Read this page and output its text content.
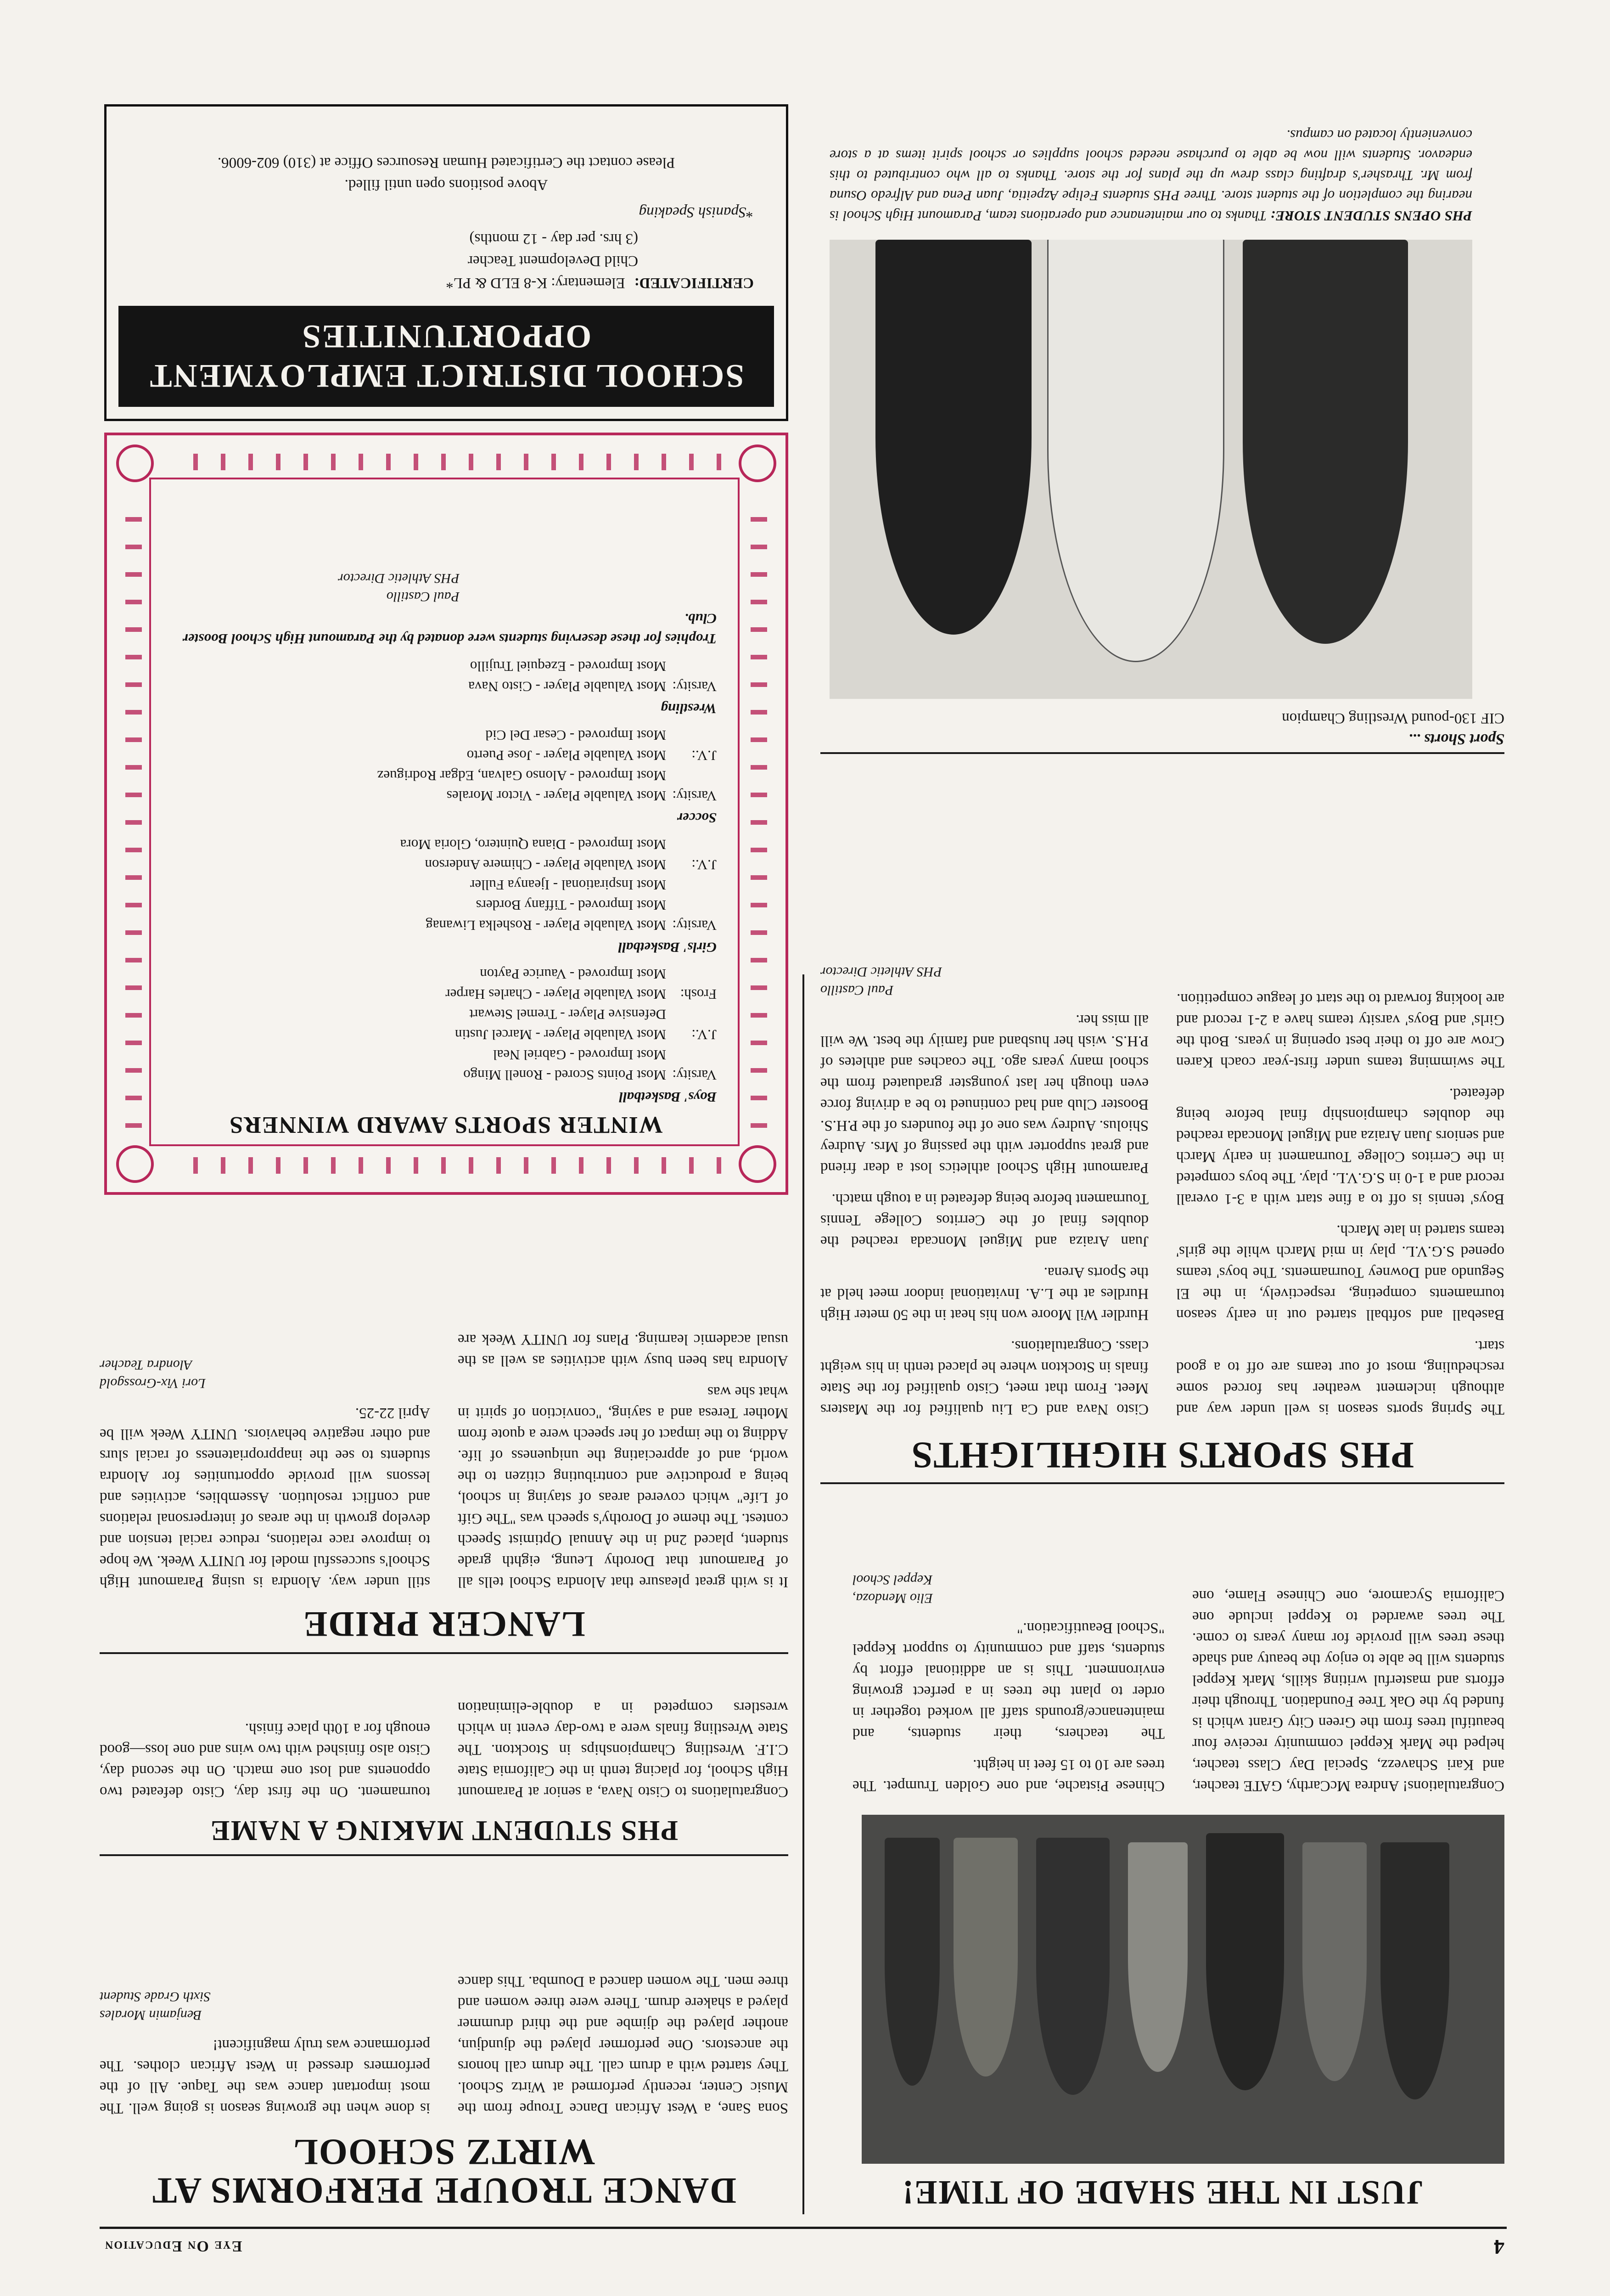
4
Eye On Education
JUST IN THE SHADE OF TIME!

Congratulations! Andrea McCarthy, GATE teacher, and Kari Schavezz, Special Day Class teacher, helped the Mark Keppel community receive four beautiful trees from the Green City Grant which is funded by the Oak Tree Foundation. Through their efforts and masterful writing skills, Mark Keppel students will be able to enjoy the beauty and shade these trees will provide for many years to come. The trees awarded to Keppel include one California Sycamore, one Chinese Flame, one Chinese Pistache, and one Golden Trumpet. The trees are 10 to 15 feet in height.

The teachers, their students, and maintenance/grounds staff all worked together in order to plant the trees in a perfect growing environment. This is an additional effort by students, staff and community to support Keppel "School Beautification."

Elio Mendoza,
Keppel School
DANCE TROUPE PERFORMS AT WIRTZ SCHOOL

Sona Sane, a West African Dance Troupe from the Music Center, recently performed at Wirtz School. They started with a drum call. The drum call honors the ancestors. One performer played the djundjun, another played the djimbe and the third drummer played a shakere drum. There were three women and three men. The women danced a Doumba. This dance is done when the growing season is going well. The most important dance was the Taque. All of the performers dressed in West African clothes. The performance was truly magnificent!

Benjamin Morales
Sixth Grade Student
PHS STUDENT MAKING A NAME

Congratulations to Cisto Nava, a senior at Paramount High School, for placing tenth in the California State C.I.F. Wrestling Championships in Stockton. The State Wrestling finals were a two-day event in which wrestlers competed in a double-elimination tournament. On the first day, Cisto defeated two opponents and lost one match. On the second day, Cisto also finished with two wins and one loss—good enough for a 10th place finish.

LANCER PRIDE

It is with great pleasure that Alondra School tells all of Paramount that Dorothy Leung, eighth grade student, placed 2nd in the Annual Optimist Speech contest. The theme of Dorothy's speech was "The Gift of Life" which covered areas of staying in school, being a productive and contributing citizen to the world, and of appreciating the uniqueness of life. Adding to the impact of her speech were a quote from Mother Teresa and a saying, "conviction of spirit in what she was

Alondra has been busy with activities as well as the usual academic learning. Plans for UNITY Week are still under way. Alondra is using Paramount High School's successful model for UNITY Week. We hope to improve race relations, reduce racial tension and develop growth in the areas of interpersonal relations and conflict resolution. Assemblies, activities and lessons will provide opportunities for Alondra students to see the inappropriateness of racial slurs and other negative behaviors. UNITY Week will be April 22-25.

Lori Vix-Grossgold
Alondra Teacher
PHS SPORTS HIGHLIGHTS

The Spring sports season is well under way and although inclement weather has forced some rescheduling, most of our teams are off to a good start.

Baseball and softball started out in early season tournaments competing, respectively, in the El Segundo and Downey Tournaments. The boys' teams opened S.G.V.L. play in mid March while the girls' teams started in late March.

Boys' tennis is off to a fine start with a 3-1 overall record and a 1-0 in S.G.V.L. play. The boys competed in the Cerritos College Tournament in early March and seniors Juan Araiza and Miguel Moncada reached the doubles championship final before being defeated.

The swimming teams under first-year coach Karen Crow are off to their best opening in years. Both the Girls' and Boys' varsity teams have a 2-1 record and are looking forward to the start of league competition.

Cisto Nava and Ca Liu qualified for the Masters Meet. From that meet, Cisto qualified for the State finals in Stockton where he placed tenth in his weight class. Congratulations.

Hurdler Wil Moore won his heat in the 50 meter High Hurdles at the L.A. Invitational indoor meet held at the Sports Arena.

Juan Araiza and Miguel Moncada reached the doubles final of the Cerritos College Tennis Tournament before being defeated in a tough match.

Paramount High School athletics lost a dear friend and great supporter with the passing of Mrs. Audrey Shiolus. Audrey was one of the founders of the P.H.S. Booster Club and had continued to be a driving force even though her last youngster graduated from the school many years ago. The coaches and athletes of P.H.S. wish her husband and family the best. We will all miss her.

Paul Castillo
PHS Athletic Director
Sport Shorts ...
CIF 130-pound Wrestling Champion
PHS OPENS STUDENT STORE: Thanks to our maintenance and operations team, Paramount High School is nearing the completion of the student store. Three PHS students Felipe Azpeitia, Juan Pena and Alfredo Osuna from Mr. Thrasher's drafting class drew up the plans for the store. Thanks to all who contributed to this endeavor. Students will now be able to purchase needed school supplies or school spirit items at a store conveniently located on campus.
WINTER SPORTS AWARD WINNERS
Boys' Basketball
Varsity:
Most Points Scored - Ronell Mingo
Most Improved - Gabriel Neal
J.V.:
Most Valuable Player - Marcel Justin
Defensive Player - Tremel Stewart
Frosh:
Most Valuable Player - Charles Harper
Most Improved - Vaurice Payton
Girls' Basketball
Varsity:
Most Valuable Player - Roshelka Liwanag
Most Improved - Tiffany Borders
Most Inspirational - Ijeanya Fuller
J.V.:
Most Valuable Player - Chimere Anderson
Most Improved - Diana Quintero, Gloria Mora
Soccer
Varsity:
Most Valuable Player - Victor Morales
Most Improved - Alonso Galvan, Edgar Rodriguez
J.V.:
Most Valuable Player - Jose Puerto
Most Improved - Cesar Del Cid
Wrestling
Varsity:
Most Valuable Player - Cisto Nava
Most Improved - Ezequiel Trujillo
Trophies for these deserving students were donated by the Paramount High School Booster Club.
Paul Castillo
PHS Athletic Director
SCHOOL DISTRICT EMPLOYMENT OPPORTUNITIES
CERTIFICATED:
Elementary: K-8 ELD & PL*
Child Development Teacher
(3 hrs. per day - 12 months)
*Spanish Speaking
Above positions open until filled.
Please contact the Certificated Human Resources Office at (310) 602-6006.
